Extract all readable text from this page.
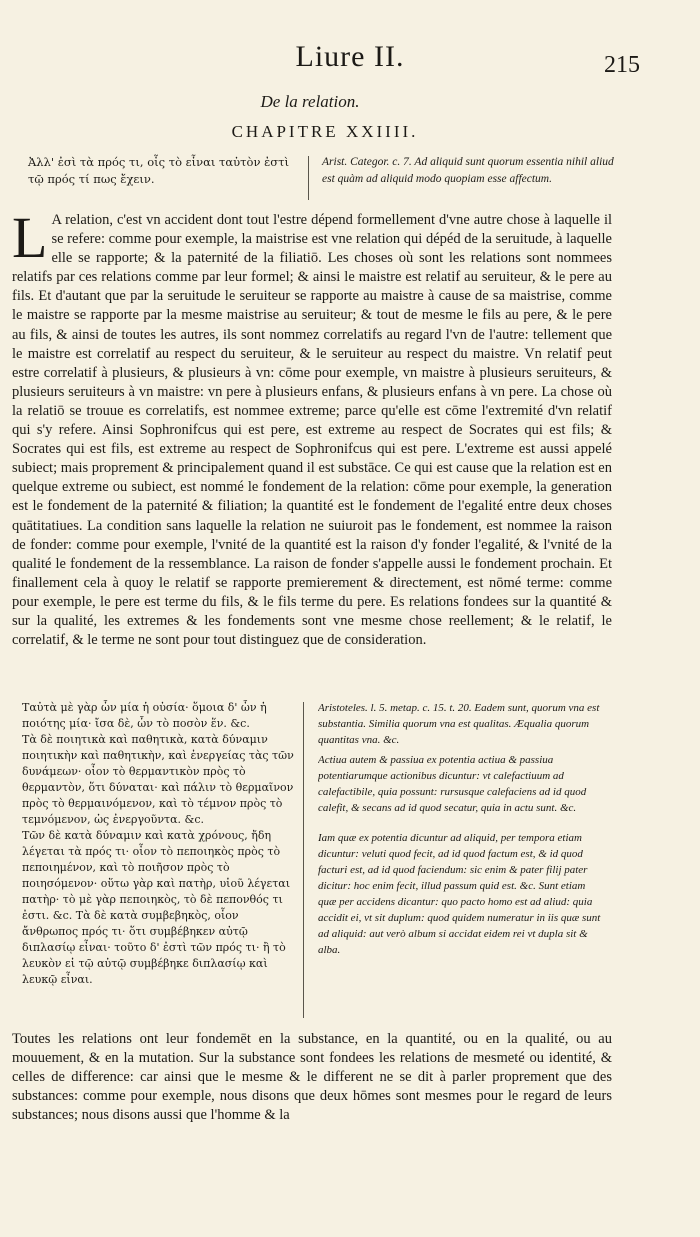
Liure II.	215
De la relation.
CHAPITRE XXIIII.
Ἀλλ' ἐσὶ τὰ πρός τι, οἷς τὸ εἶναι ταὐτὸν ἐστὶ τῷ πρός τί πως ἔχειν.
Arist. Categor. c. 7. Ad aliquid sunt quorum essentia nihil aliud est quàm ad aliquid modo quopiam esse affectum.
L A relation, c'est vn accident dont tout l'estre dépend formellement d'vne autre chose à laquelle il se refere: comme pour exemple, la maistrise est vne relation qui dépéd de la seruitude, à laquelle elle se rapporte; & la paternité de la filiatiō. Les choses où sont les relations sont nommees relatifs par ces relations comme par leur formel; & ainsi le maistre est relatif au seruiteur, & le pere au fils. Et d'autant que par la seruitude le seruiteur se rapporte au maistre à cause de sa maistrise, comme le maistre se rapporte par la mesme maistrise au seruiteur; & tout de mesme le fils au pere, & le pere au fils, & ainsi de toutes les autres, ils sont nommez correlatifs au regard l'vn de l'autre: tellement que le maistre est correlatif au respect du seruiteur, & le seruiteur au respect du maistre. Vn relatif peut estre correlatif à plusieurs, & plusieurs à vn: cōme pour exemple, vn maistre à plusieurs seruiteurs, & plusieurs seruiteurs à vn maistre: vn pere à plusieurs enfans, & plusieurs enfans à vn pere. La chose où la relatiō se trouue es correlatifs, est nommee extreme; parce qu'elle est cōme l'extremité d'vn relatif qui s'y refere. Ainsi Sophronifcus qui est pere, est extreme au respect de Socrates qui est fils; & Socrates qui est fils, est extreme au respect de Sophronifcus qui est pere. L'extreme est aussi appelé subiect; mais proprement & principalement quand il est substāce. Ce qui est cause que la relation est en quelque extreme ou subiect, est nommé le fondement de la relation: cōme pour exemple, la generation est le fondement de la paternité & filiation; la quantité est le fondement de l'egalité entre deux choses quātitatiues. La condition sans laquelle la relation ne suiuroit pas le fondement, est nommee la raison de fonder: comme pour exemple, l'vnité de la quantité est la raison d'y fonder l'egalité, & l'vnité de la qualité le fondement de la ressemblance. La raison de fonder s'appelle aussi le fondement prochain. Et finallement cela à quoy le relatif se rapporte premierement & directement, est nōmé terme: comme pour exemple, le pere est terme du fils, & le fils terme du pere. Es relations fondees sur la quantité & sur la qualité, les extremes & les fondements sont vne mesme chose reellement; & le relatif, le correlatif, & le terme ne sont pour tout distinguez que de consideration.
Ταὐτὰ μὲ γὰρ ὧν μία ἡ οὐσία· ὅμοια δ' ὧν ἡ ποιότης μία· ἴσα δὲ, ὧν τὸ ποσὸν ἕν. &c.
Τὰ δὲ ποιητικὰ καὶ παθητικὰ, κατὰ δύναμιν ποιητικὴν καὶ παθητικὴν, καὶ ἐνεργείας τὰς τῶν δυνάμεων· οἷον τὸ θερμαντικὸν πρὸς τὸ θερμαντὸν, ὅτι δύναται· καὶ πάλιν τὸ θερμαῖνον πρὸς τὸ θερμαινόμενον, καὶ τὸ τέμνον πρὸς τὸ τεμνόμενον, ὡς ἐνεργοῦντα. &c.
Τῶν δὲ κατὰ δύναμιν καὶ κατὰ χρόνους, ἤδη λέγεται τὰ πρός τι· οἷον τὸ πεποιηκὸς πρὸς τὸ πεποιημένον, καὶ τὸ ποιῆσον πρὸς τὸ ποιησόμενον· οὕτω γὰρ καὶ πατὴρ, υἱοῦ λέγεται πατὴρ· τὸ μὲ γὰρ πεποιηκὸς, τὸ δὲ πεπονθός τι ἐστι. &c. Τὰ δὲ κατὰ συμβεβηκὸς, οἷον ἄνθρωπος πρός τι· ὅτι συμβέβηκεν αὐτῷ διπλασίῳ εἶναι· τοῦτο δ' ἐστὶ τῶν πρός τι· ἢ τὸ λευκὸν εἰ τῷ αὐτῷ συμβέβηκε διπλασίῳ καὶ λευκῷ εἶναι.
Aristoteles. l. 5. metap. c. 15. t. 20. Eadem sunt, quorum vna est substantia. Similia quorum vna est qualitas. Æqualia quorum quantitas vna. &c.
Actiua autem & passiua ex potentia actiua & passiua potentiarumque actionibus dicuntur: vt calefactiuum ad calefactibile, quia possunt: rursusque calefaciens ad id quod calefit, & secans ad id quod secatur, quia in actu sunt. &c.
Iam quæ ex potentia dicuntur ad aliquid, per tempora etiam dicuntur: veluti quod fecit, ad id quod factum est, & id quod facturi est, ad id quod faciendum: sic enim & pater filij pater dicitur: hoc enim fecit, illud passum quid est. &c. Sunt etiam quæ per accidens dicantur: quo pacto homo est ad aliud: quia accidit ei, vt sit duplum: quod quidem numeratur in iis quæ sunt ad aliquid: aut verò album si accidat eidem rei vt dupla sit & alba.
Toutes les relations ont leur fondemēt en la substance, en la quantité, ou en la qualité, ou au mouuement, & en la mutation. Sur la substance sont fondees les relations de mesmeté ou identité, & celles de difference: car ainsi que le mesme & le different ne se dit à parler proprement que des substances: comme pour exemple, nous disons que deux hōmes sont mesmes pour le regard de leurs substances; nous disons aussi que l'homme & la
